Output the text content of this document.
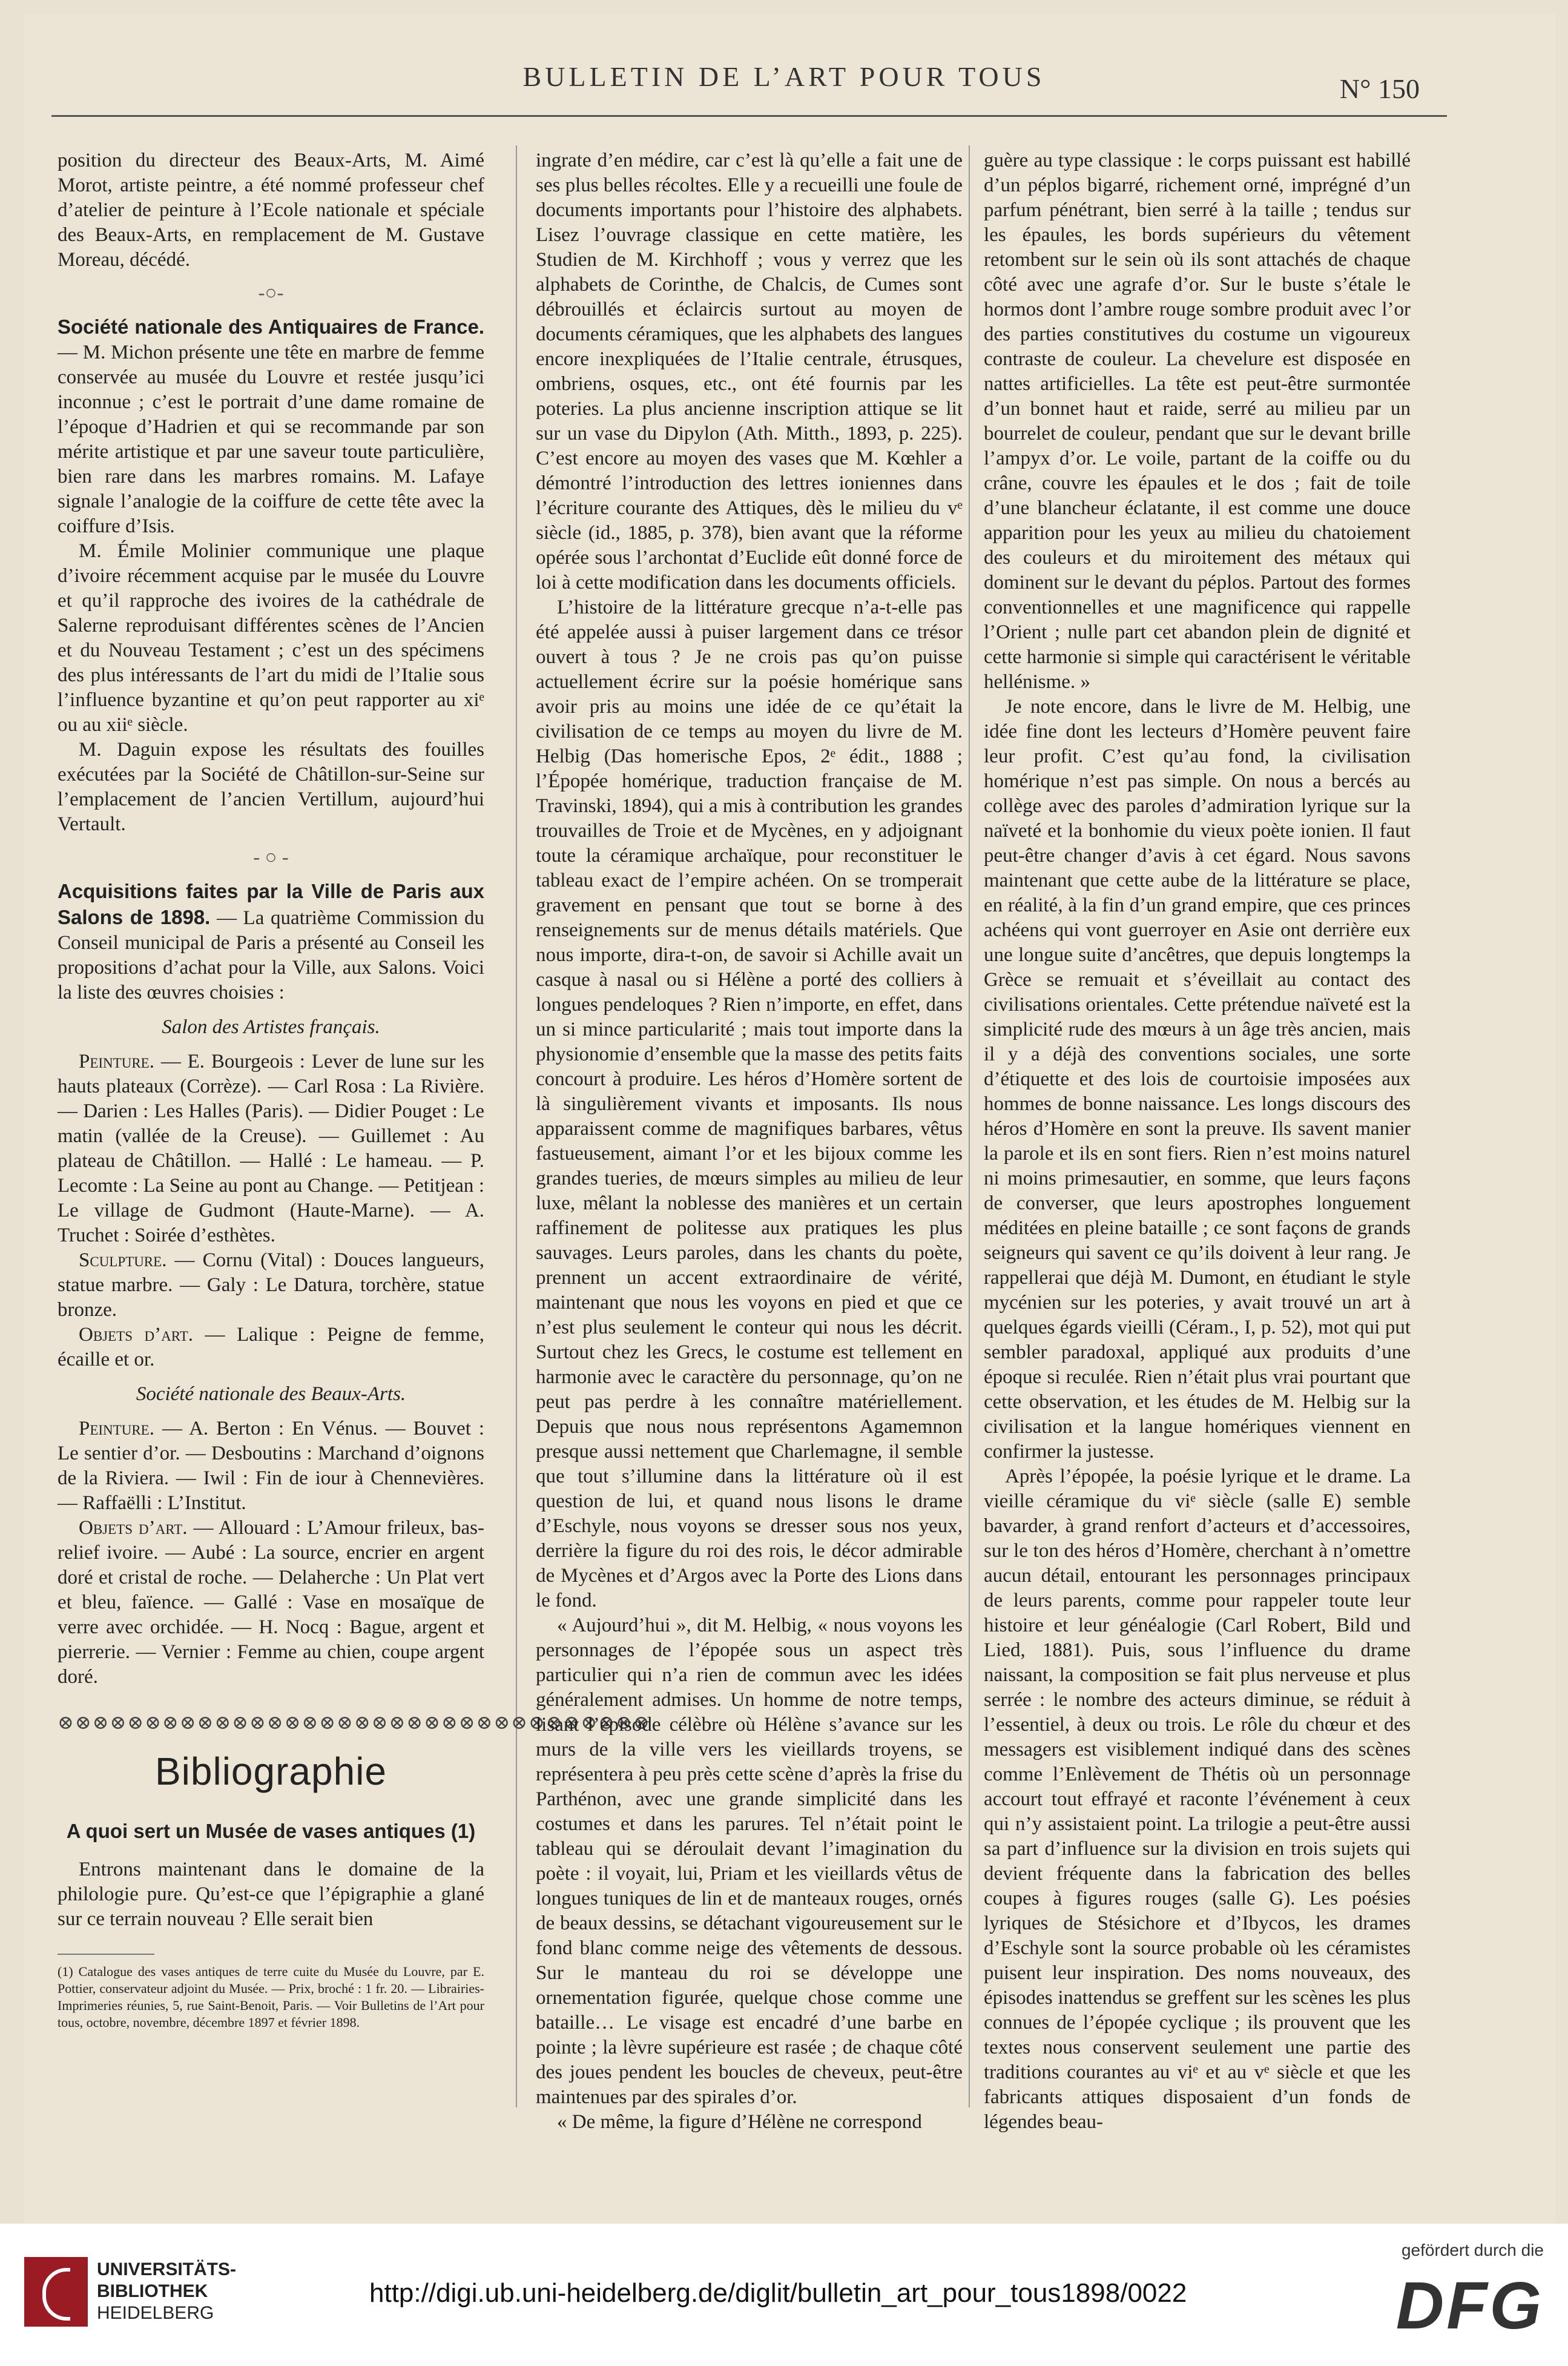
BULLETIN DE L’ART POUR TOUS	N° 150

position du directeur des Beaux-Arts, M. Aimé Morot, artiste peintre, a été nommé professeur chef d’atelier de peinture à l’Ecole nationale et spéciale des Beaux-Arts, en remplacement de M. Gustave Moreau, décédé.

-○-

Société nationale des Antiquaires de France. — M. Michon présente une tête en marbre de femme conservée au musée du Louvre et restée jusqu’ici inconnue ; c’est le portrait d’une dame romaine de l’époque d’Hadrien et qui se recommande par son mérite artistique et par une saveur toute particulière, bien rare dans les marbres romains. M. Lafaye signale l’analogie de la coiffure de cette tête avec la coiffure d’Isis.

M. Émile Molinier communique une plaque d’ivoire récemment acquise par le musée du Louvre et qu’il rapproche des ivoires de la cathédrale de Salerne reproduisant différentes scènes de l’Ancien et du Nouveau Testament ; c’est un des spécimens des plus intéressants de l’art du midi de l’Italie sous l’influence byzantine et qu’on peut rapporter au xiᵉ ou au xiiᵉ siècle.

M. Daguin expose les résultats des fouilles exécutées par la Société de Châtillon-sur-Seine sur l’emplacement de l’ancien Vertillum, aujourd’hui Vertault.

- ○ -

Acquisitions faites par la Ville de Paris aux Salons de 1898. — La quatrième Commission du Conseil municipal de Paris a présenté au Conseil les propositions d’achat pour la Ville, aux Salons. Voici la liste des œuvres choisies :

Salon des Artistes français.

Peinture. — E. Bourgeois : Lever de lune sur les hauts plateaux (Corrèze). — Carl Rosa : La Rivière. — Darien : Les Halles (Paris). — Didier Pouget : Le matin (vallée de la Creuse). — Guillemet : Au plateau de Châtillon. — Hallé : Le hameau. — P. Lecomte : La Seine au pont au Change. — Petitjean : Le village de Gudmont (Haute-Marne). — A. Truchet : Soirée d’esthètes.

Sculpture. — Cornu (Vital) : Douces langueurs, statue marbre. — Galy : Le Datura, torchère, statue bronze.

Objets d’art. — Lalique : Peigne de femme, écaille et or.

Société nationale des Beaux-Arts.

Peinture. — A. Berton : En Vénus. — Bouvet : Le sentier d’or. — Desboutins : Marchand d’oignons de la Riviera. — Iwil : Fin de iour à Chennevières. — Raffaëlli : L’Institut.

Objets d’art. — Allouard : L’Amour frileux, bas-relief ivoire. — Aubé : La source, encrier en argent doré et cristal de roche. — Delaherche : Un Plat vert et bleu, faïence. — Gallé : Vase en mosaïque de verre avec orchidée. — H. Nocq : Bague, argent et pierrerie. — Vernier : Femme au chien, coupe argent doré.

⊗⊗⊗⊗⊗⊗⊗⊗⊗⊗⊗⊗⊗⊗⊗⊗⊗⊗⊗⊗⊗⊗⊗⊗⊗⊗⊗⊗⊗⊗⊗⊗⊗⊗
Bibliographie
A quoi sert un Musée de vases antiques (1)

Entrons maintenant dans le domaine de la philologie pure. Qu’est-ce que l’épigraphie a glané sur ce terrain nouveau ? Elle serait bien

(1) Catalogue des vases antiques de terre cuite du Musée du Louvre, par E. Pottier, conservateur adjoint du Musée. — Prix, broché : 1 fr. 20. — Librairies-Imprimeries réunies, 5, rue Saint-Benoit, Paris. — Voir Bulletins de l’Art pour tous, octobre, novembre, décembre 1897 et février 1898.

ingrate d’en médire, car c’est là qu’elle a fait une de ses plus belles récoltes. Elle y a recueilli une foule de documents importants pour l’histoire des alphabets. Lisez l’ouvrage classique en cette matière, les Studien de M. Kirchhoff ; vous y verrez que les alphabets de Corinthe, de Chalcis, de Cumes sont débrouillés et éclaircis surtout au moyen de documents céramiques, que les alphabets des langues encore inexpliquées de l’Italie centrale, étrusques, ombriens, osques, etc., ont été fournis par les poteries. La plus ancienne inscription attique se lit sur un vase du Dipylon (Ath. Mitth., 1893, p. 225). C’est encore au moyen des vases que M. Kœhler a démontré l’introduction des lettres ioniennes dans l’écriture courante des Attiques, dès le milieu du vᵉ siècle (id., 1885, p. 378), bien avant que la réforme opérée sous l’archontat d’Euclide eût donné force de loi à cette modification dans les documents officiels.

L’histoire de la littérature grecque n’a-t-elle pas été appelée aussi à puiser largement dans ce trésor ouvert à tous ? Je ne crois pas qu’on puisse actuellement écrire sur la poésie homérique sans avoir pris au moins une idée de ce qu’était la civilisation de ce temps au moyen du livre de M. Helbig (Das homerische Epos, 2ᵉ édit., 1888 ; l’Épopée homérique, traduction française de M. Travinski, 1894), qui a mis à contribution les grandes trouvailles de Troie et de Mycènes, en y adjoignant toute la céramique archaïque, pour reconstituer le tableau exact de l’empire achéen. On se tromperait gravement en pensant que tout se borne à des renseignements sur de menus détails matériels. Que nous importe, dira-t-on, de savoir si Achille avait un casque à nasal ou si Hélène a porté des colliers à longues pendeloques ? Rien n’importe, en effet, dans un si mince particularité ; mais tout importe dans la physionomie d’ensemble que la masse des petits faits concourt à produire. Les héros d’Homère sortent de là singulièrement vivants et imposants. Ils nous apparaissent comme de magnifiques barbares, vêtus fastueusement, aimant l’or et les bijoux comme les grandes tueries, de mœurs simples au milieu de leur luxe, mêlant la noblesse des manières et un certain raffinement de politesse aux pratiques les plus sauvages. Leurs paroles, dans les chants du poète, prennent un accent extraordinaire de vérité, maintenant que nous les voyons en pied et que ce n’est plus seulement le conteur qui nous les décrit. Surtout chez les Grecs, le costume est tellement en harmonie avec le caractère du personnage, qu’on ne peut pas perdre à les connaître matériellement. Depuis que nous nous représentons Agamemnon presque aussi nettement que Charlemagne, il semble que tout s’illumine dans la littérature où il est question de lui, et quand nous lisons le drame d’Eschyle, nous voyons se dresser sous nos yeux, derrière la figure du roi des rois, le décor admirable de Mycènes et d’Argos avec la Porte des Lions dans le fond.

« Aujourd’hui », dit M. Helbig, « nous voyons les personnages de l’épopée sous un aspect très particulier qui n’a rien de commun avec les idées généralement admises. Un homme de notre temps, lisant l’épisode célèbre où Hélène s’avance sur les murs de la ville vers les vieillards troyens, se représentera à peu près cette scène d’après la frise du Parthénon, avec une grande simplicité dans les costumes et dans les parures. Tel n’était point le tableau qui se déroulait devant l’imagination du poète : il voyait, lui, Priam et les vieillards vêtus de longues tuniques de lin et de manteaux rouges, ornés de beaux dessins, se détachant vigoureusement sur le fond blanc comme neige des vêtements de dessous. Sur le manteau du roi se développe une ornementation figurée, quelque chose comme une bataille… Le visage est encadré d’une barbe en pointe ; la lèvre supérieure est rasée ; de chaque côté des joues pendent les boucles de cheveux, peut-être maintenues par des spirales d’or.

« De même, la figure d’Hélène ne correspond

guère au type classique : le corps puissant est habillé d’un péplos bigarré, richement orné, imprégné d’un parfum pénétrant, bien serré à la taille ; tendus sur les épaules, les bords supérieurs du vêtement retombent sur le sein où ils sont attachés de chaque côté avec une agrafe d’or. Sur le buste s’étale le hormos dont l’ambre rouge sombre produit avec l’or des parties constitutives du costume un vigoureux contraste de couleur. La chevelure est disposée en nattes artificielles. La tête est peut-être surmontée d’un bonnet haut et raide, serré au milieu par un bourrelet de couleur, pendant que sur le devant brille l’ampyx d’or. Le voile, partant de la coiffe ou du crâne, couvre les épaules et le dos ; fait de toile d’une blancheur éclatante, il est comme une douce apparition pour les yeux au milieu du chatoiement des couleurs et du miroitement des métaux qui dominent sur le devant du péplos. Partout des formes conventionnelles et une magnificence qui rappelle l’Orient ; nulle part cet abandon plein de dignité et cette harmonie si simple qui caractérisent le véritable hellénisme. »

Je note encore, dans le livre de M. Helbig, une idée fine dont les lecteurs d’Homère peuvent faire leur profit. C’est qu’au fond, la civilisation homérique n’est pas simple. On nous a bercés au collège avec des paroles d’admiration lyrique sur la naïveté et la bonhomie du vieux poète ionien. Il faut peut-être changer d’avis à cet égard. Nous savons maintenant que cette aube de la littérature se place, en réalité, à la fin d’un grand empire, que ces princes achéens qui vont guerroyer en Asie ont derrière eux une longue suite d’ancêtres, que depuis longtemps la Grèce se remuait et s’éveillait au contact des civilisations orientales. Cette prétendue naïveté est la simplicité rude des mœurs à un âge très ancien, mais il y a déjà des conventions sociales, une sorte d’étiquette et des lois de courtoisie imposées aux hommes de bonne naissance. Les longs discours des héros d’Homère en sont la preuve. Ils savent manier la parole et ils en sont fiers. Rien n’est moins naturel ni moins primesautier, en somme, que leurs façons de converser, que leurs apostrophes longuement méditées en pleine bataille ; ce sont façons de grands seigneurs qui savent ce qu’ils doivent à leur rang. Je rappellerai que déjà M. Dumont, en étudiant le style mycénien sur les poteries, y avait trouvé un art à quelques égards vieilli (Céram., I, p. 52), mot qui put sembler paradoxal, appliqué aux produits d’une époque si reculée. Rien n’était plus vrai pourtant que cette observation, et les études de M. Helbig sur la civilisation et la langue homériques viennent en confirmer la justesse.

Après l’épopée, la poésie lyrique et le drame. La vieille céramique du viᵉ siècle (salle E) semble bavarder, à grand renfort d’acteurs et d’accessoires, sur le ton des héros d’Homère, cherchant à n’omettre aucun détail, entourant les personnages principaux de leurs parents, comme pour rappeler toute leur histoire et leur généalogie (Carl Robert, Bild und Lied, 1881). Puis, sous l’influence du drame naissant, la composition se fait plus nerveuse et plus serrée : le nombre des acteurs diminue, se réduit à l’essentiel, à deux ou trois. Le rôle du chœur et des messagers est visiblement indiqué dans des scènes comme l’Enlèvement de Thétis où un personnage accourt tout effrayé et raconte l’événement à ceux qui n’y assistaient point. La trilogie a peut-être aussi sa part d’influence sur la division en trois sujets qui devient fréquente dans la fabrication des belles coupes à figures rouges (salle G). Les poésies lyriques de Stésichore et d’Ibycos, les drames d’Eschyle sont la source probable où les céramistes puisent leur inspiration. Des noms nouveaux, des épisodes inattendus se greffent sur les scènes les plus connues de l’épopée cyclique ; ils prouvent que les textes nous conservent seulement une partie des traditions courantes au viᵉ et au vᵉ siècle et que les fabricants attiques disposaient d’un fonds de légendes beau-

UNIVERSITÄTS-
BIBLIOTHEK
HEIDELBERG
http://digi.ub.uni-heidelberg.de/diglit/bulletin_art_pour_tous1898/0022
gefördert durch die
DFG
